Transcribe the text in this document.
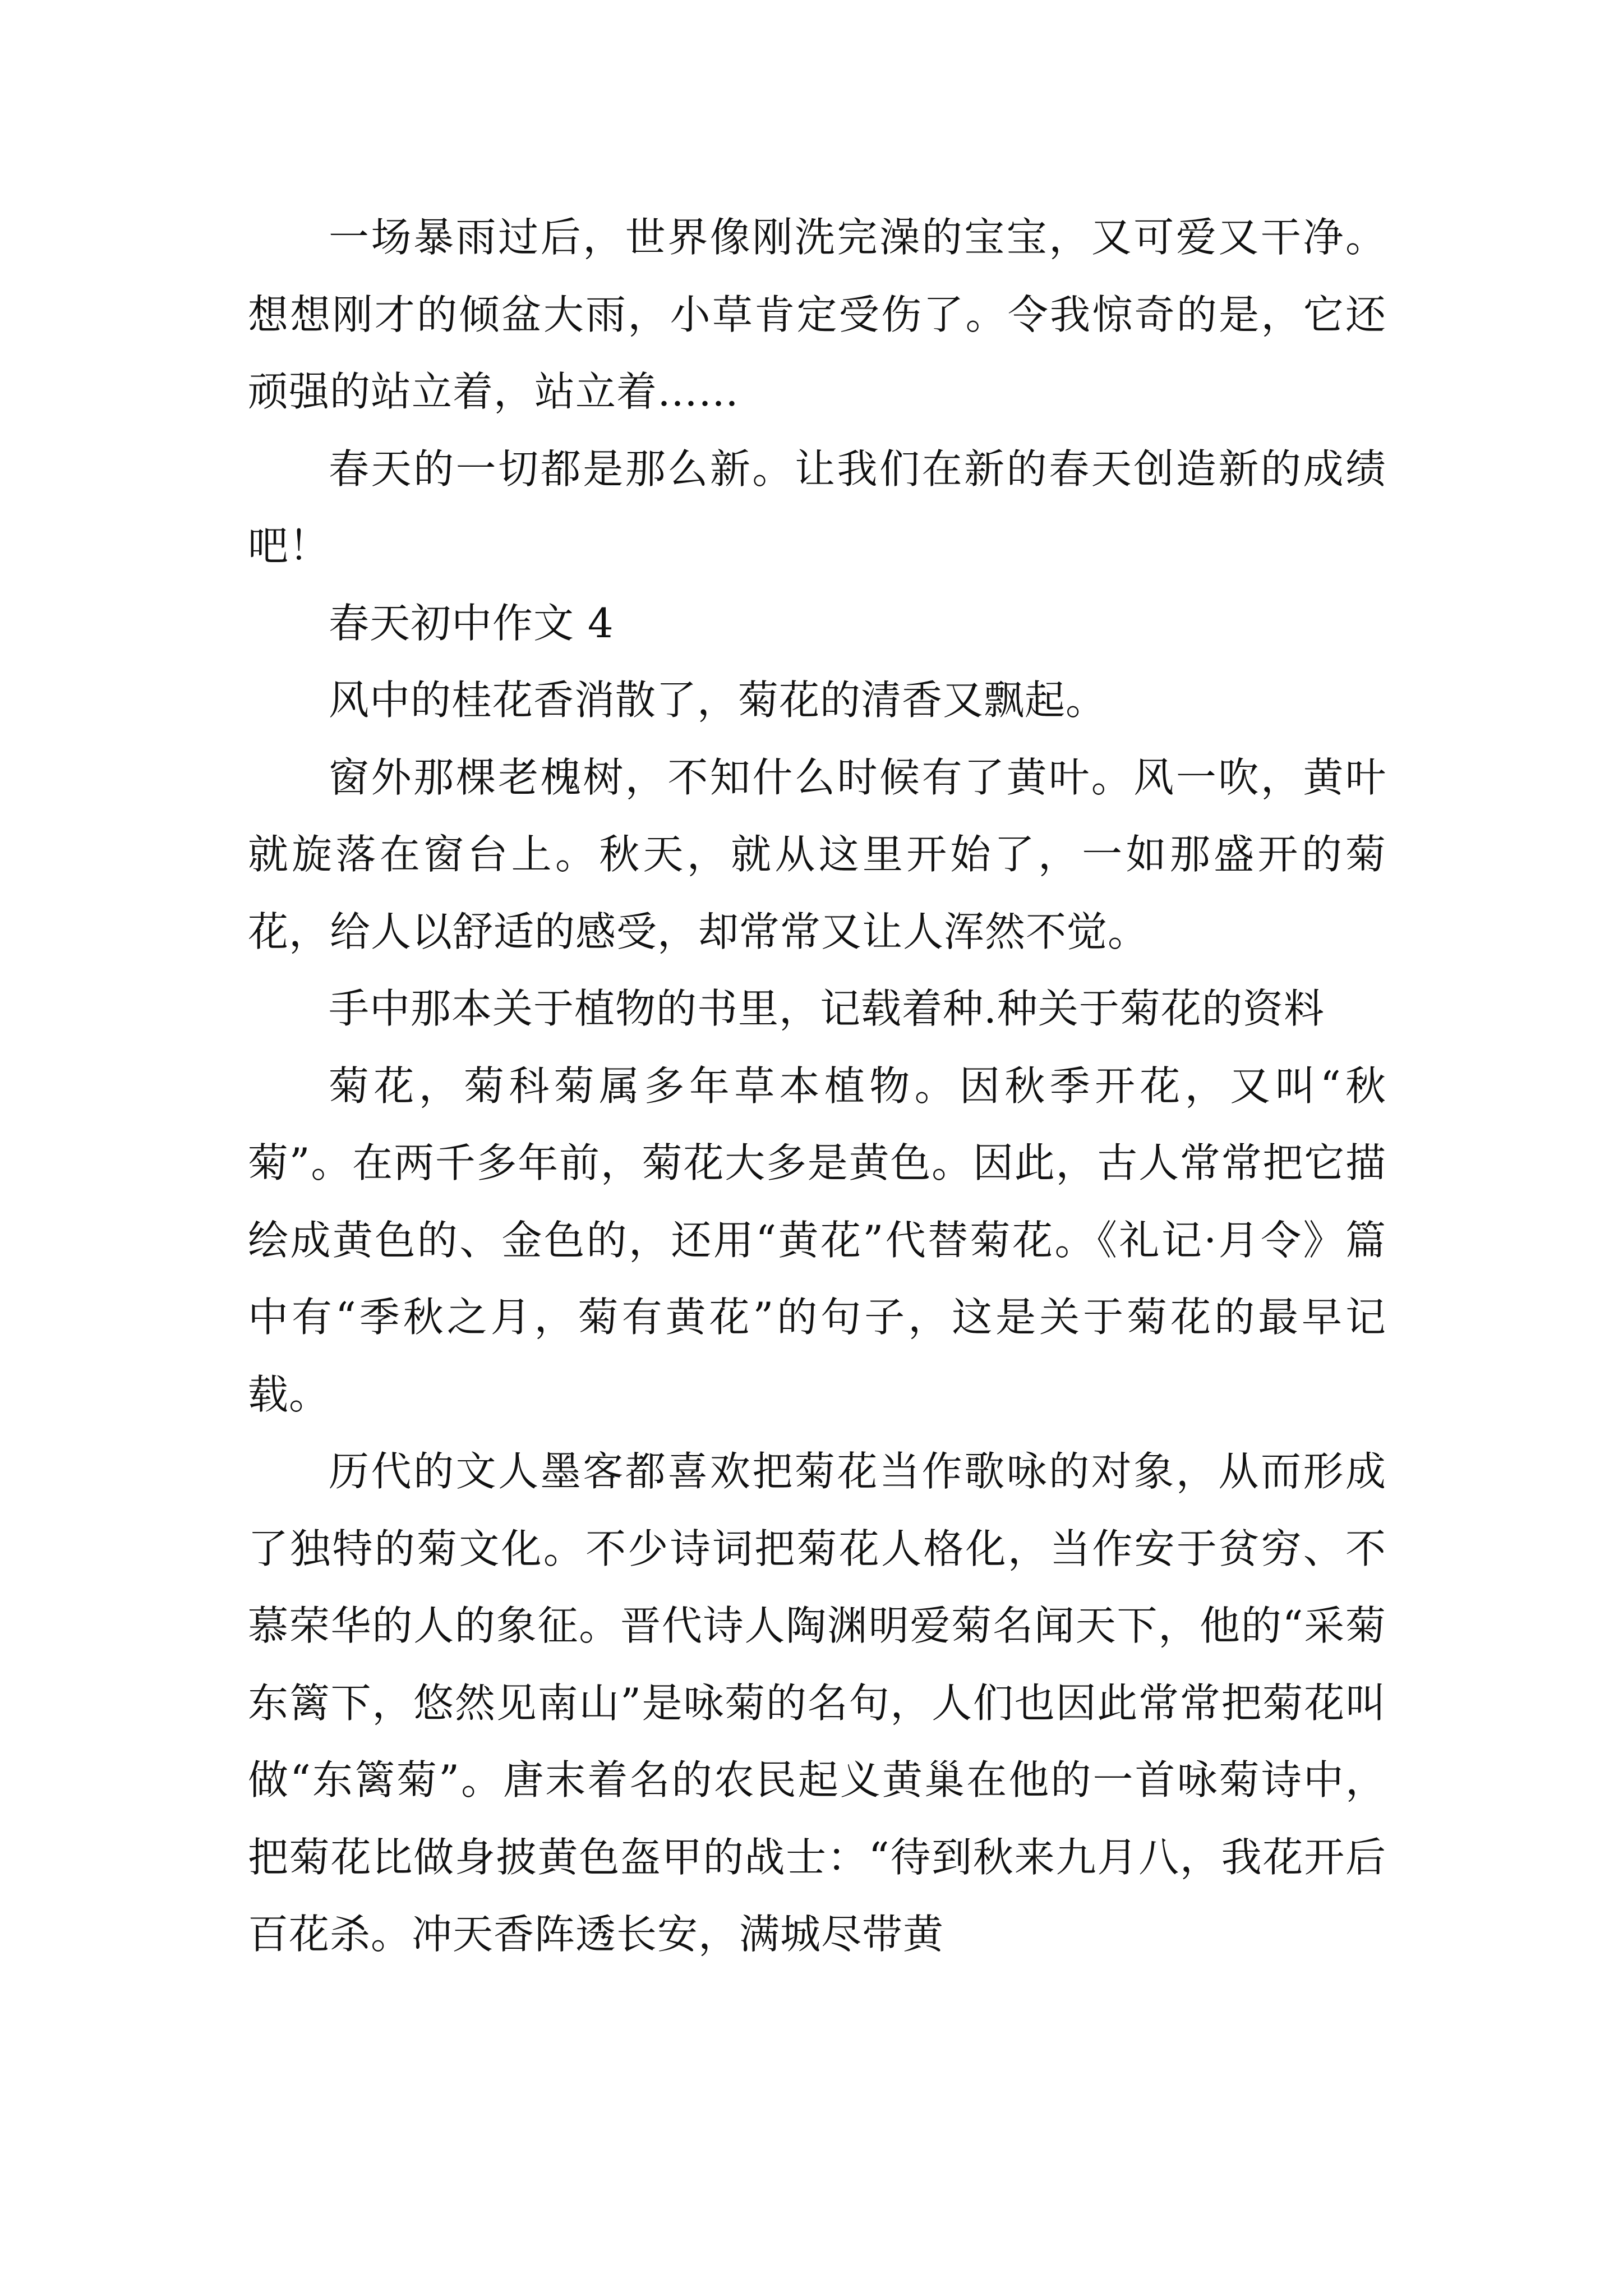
一场暴雨过后，世界像刚洗完澡的宝宝，又可爱又干净。想想刚才的倾盆大雨，小草肯定受伤了。令我惊奇的是，它还顽强的站立着，站立着……

春天的一切都是那么新。让我们在新的春天创造新的成绩吧！

春天初中作文 4

风中的桂花香消散了，菊花的清香又飘起。

窗外那棵老槐树，不知什么时候有了黄叶。风一吹，黄叶就旋落在窗台上。秋天，就从这里开始了，一如那盛开的菊花，给人以舒适的感受，却常常又让人浑然不觉。

手中那本关于植物的书里，记载着种.种关于菊花的资料

菊花，菊科菊属多年草本植物。因秋季开花，又叫“秋菊”。在两千多年前，菊花大多是黄色。因此，古人常常把它描绘成黄色的、金色的，还用“黄花”代替菊花。《礼记·月令》篇中有“季秋之月，菊有黄花”的句子，这是关于菊花的最早记载。

历代的文人墨客都喜欢把菊花当作歌咏的对象，从而形成了独特的菊文化。不少诗词把菊花人格化，当作安于贫穷、不慕荣华的人的象征。晋代诗人陶渊明爱菊名闻天下，他的“采菊东篱下，悠然见南山”是咏菊的名句，人们也因此常常把菊花叫做“东篱菊”。唐末着名的农民起义黄巢在他的一首咏菊诗中，把菊花比做身披黄色盔甲的战士：“待到秋来九月八，我花开后百花杀。冲天香阵透长安，满城尽带黄
